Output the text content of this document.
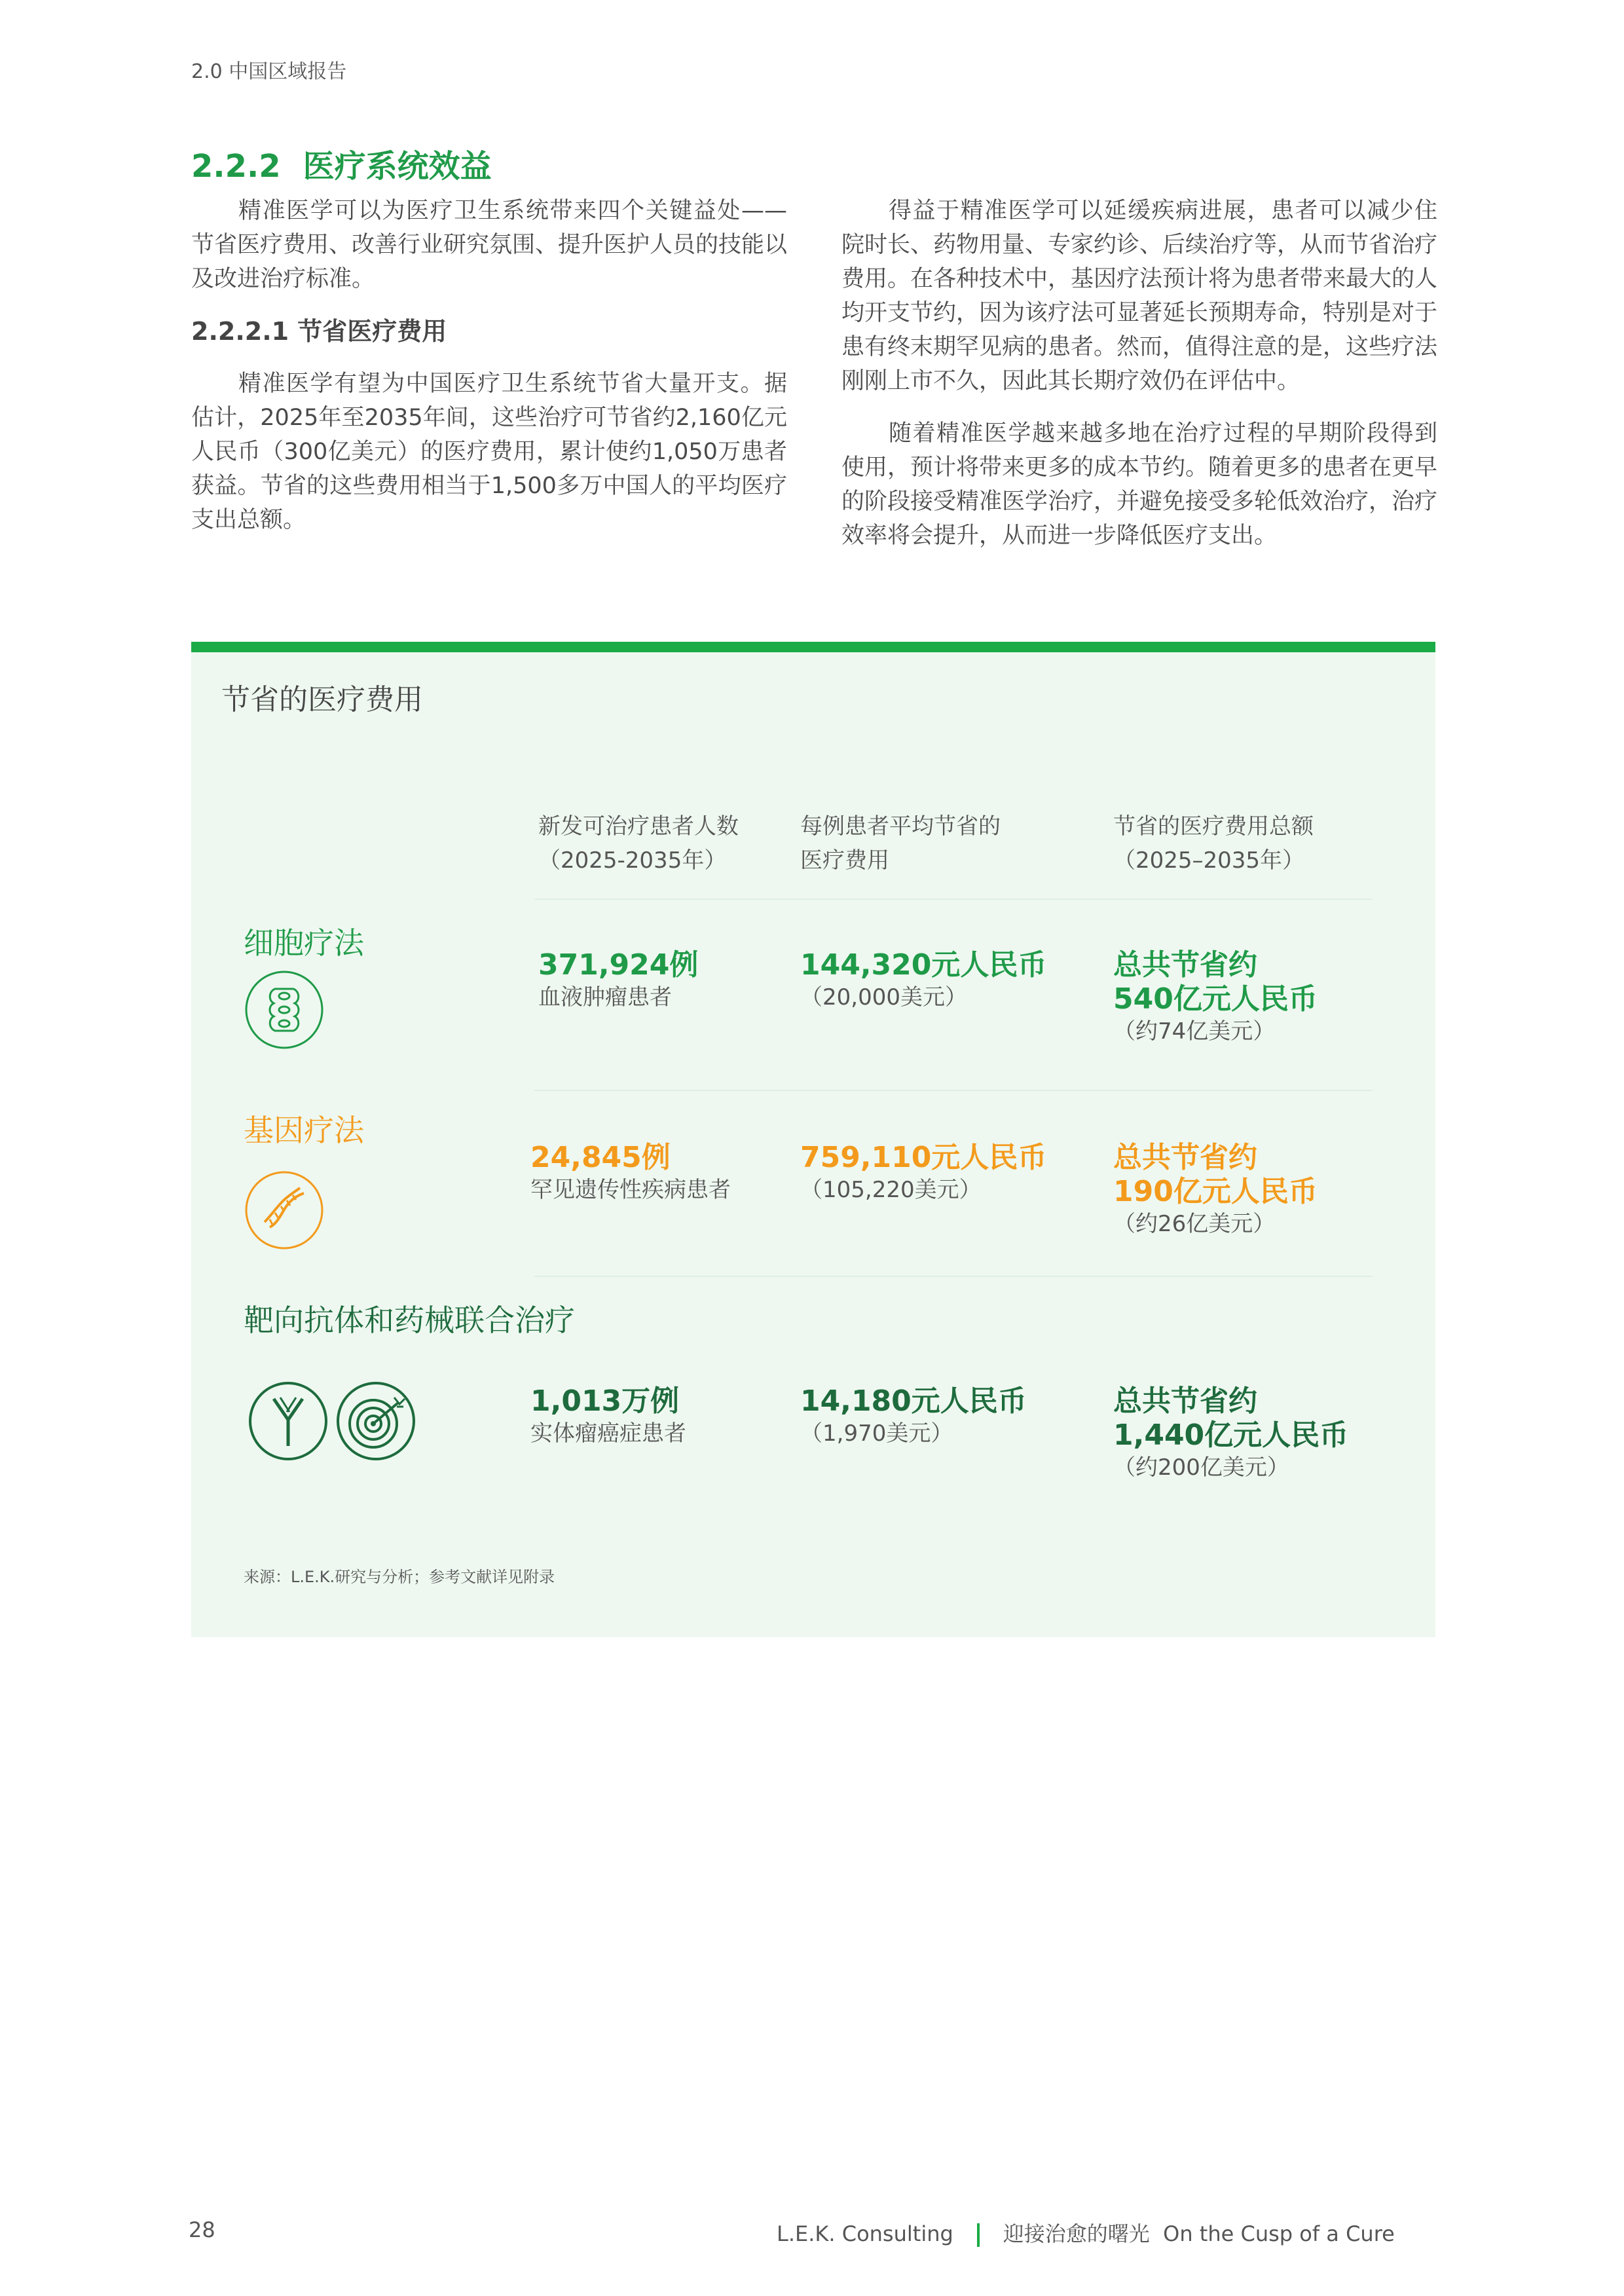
2.0 中国区域报告
2.2.2 医疗系统效益

精准医学可以为医疗卫生系统带来四个关键益处——节省医疗费用、改善行业研究氛围、提升医护人员的技能以及改进治疗标准。

2.2.2.1 节省医疗费用

精准医学有望为中国医疗卫生系统节省大量开支。据估计，2025年至2035年间，这些治疗可节省约2,160亿元人民币（300亿美元）的医疗费用，累计使约1,050万患者获益。节省的这些费用相当于1,500多万中国人的平均医疗支出总额。

得益于精准医学可以延缓疾病进展，患者可以减少住院时长、药物用量、专家约诊、后续治疗等，从而节省治疗费用。在各种技术中，基因疗法预计将为患者带来最大的人均开支节约，因为该疗法可显著延长预期寿命，特别是对于患有终末期罕见病的患者。然而，值得注意的是，这些疗法刚刚上市不久，因此其长期疗效仍在评估中。

随着精准医学越来越多地在治疗过程的早期阶段得到使用，预计将带来更多的成本节约。随着更多的患者在更早的阶段接受精准医学治疗，并避免接受多轮低效治疗，治疗效率将会提升，从而进一步降低医疗支出。

节省的医疗费用
新发可治疗患者人数
（2025-2035年）
每例患者平均节省的
医疗费用
节省的医疗费用总额
（2025–2035年）
细胞疗法
371,924例
血液肿瘤患者
144,320元人民币
（20,000美元）
总共节省约
540亿元人民币
（约74亿美元）
基因疗法
24,845例
罕见遗传性疾病患者
759,110元人民币
（105,220美元）
总共节省约
190亿元人民币
（约26亿美元）
靶向抗体和药械联合治疗
1,013万例
实体瘤癌症患者
14,180元人民币
（1,970美元）
总共节省约
1,440亿元人民币
（约200亿美元）
来源：L.E.K.研究与分析；参考文献详见附录
28	L.E.K. Consulting 迎接治愈的曙光 On the Cusp of a Cure
